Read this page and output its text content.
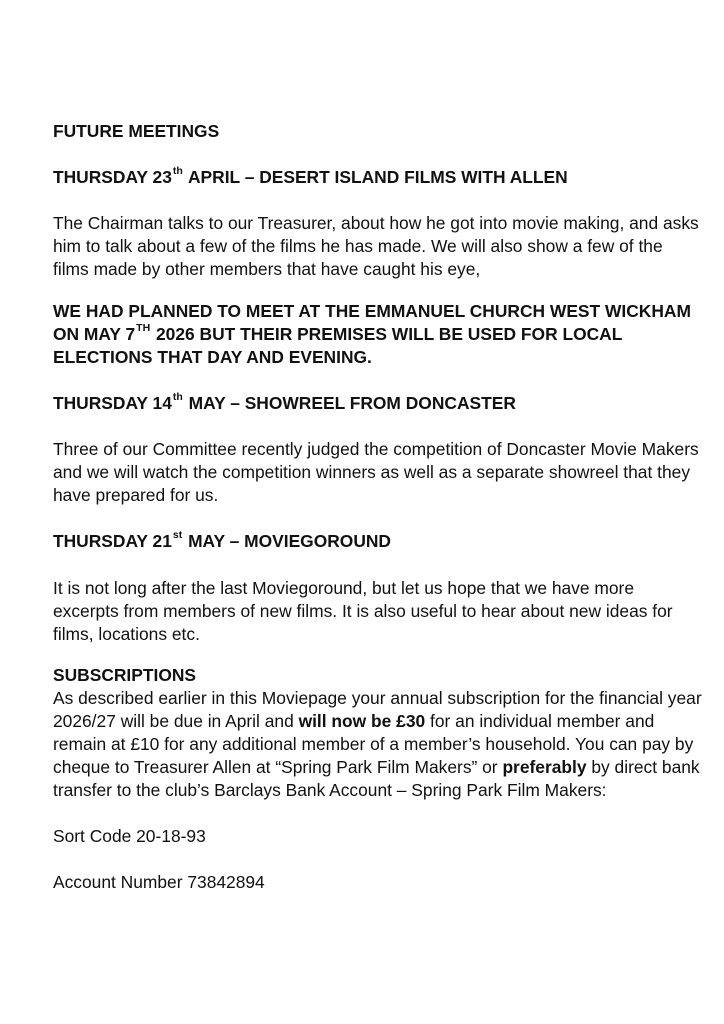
FUTURE MEETINGS

THURSDAY 23th APRIL – DESERT ISLAND FILMS WITH ALLEN

The Chairman talks to our Treasurer, about how he got into movie making, and asks him to talk about a few of the films he has made. We will also show a few of the films made by other members that have caught his eye,

WE HAD PLANNED TO MEET AT THE EMMANUEL CHURCH WEST WICKHAM ON MAY 7TH 2026 BUT THEIR PREMISES WILL BE USED FOR LOCAL ELECTIONS THAT DAY AND EVENING.

THURSDAY 14th MAY – SHOWREEL FROM DONCASTER

Three of our Committee recently judged the competition of Doncaster Movie Makers and we will watch the competition winners as well as a separate showreel that they have prepared for us.

THURSDAY 21st MAY – MOVIEGOROUND

It is not long after the last Moviegoround, but let us hope that we have more excerpts from members of new films. It is also useful to hear about new ideas for films, locations etc.

SUBSCRIPTIONS

As described earlier in this Moviepage your annual subscription for the financial year 2026/27 will be due in April and will now be £30 for an individual member and remain at £10 for any additional member of a member’s household. You can pay by cheque to Treasurer Allen at “Spring Park Film Makers” or preferably by direct bank transfer to the club’s Barclays Bank Account – Spring Park Film Makers:

Sort Code 20-18-93

Account Number 73842894
